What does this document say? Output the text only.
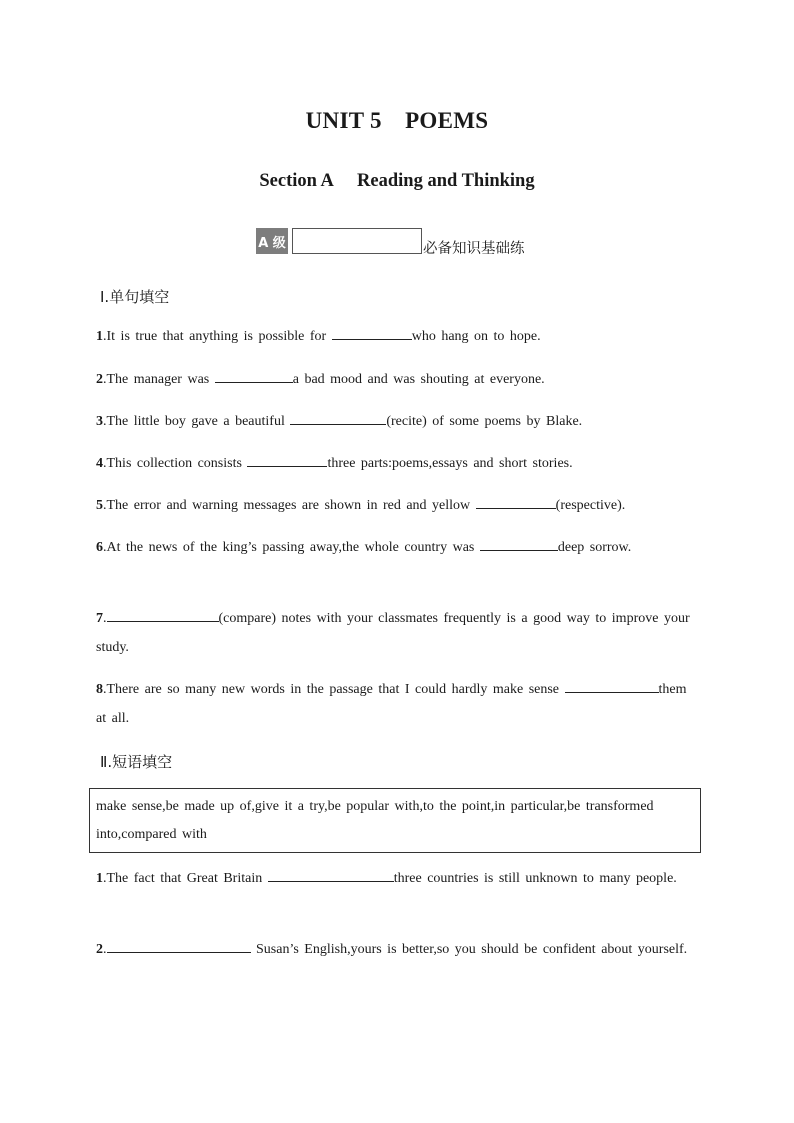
UNIT 5 POEMS
Section A  Reading and Thinking
A 级	必备知识基础练
Ⅰ.单句填空
1.It is true that anything is possible for	who hang on to hope.
2.The manager was	a bad mood and was shouting at everyone.
3.The little boy gave a beautiful	(recite) of some poems by Blake.
4.This collection consists	three parts:poems,essays and short stories.
5.The error and warning messages are shown in red and yellow	(respective).
6.At the news of the king’s passing away,the whole country was	deep sorrow.
7.	(compare) notes with your classmates frequently is a good way to improve your study.
8.There are so many new words in the passage that I could hardly make sense	them at all.
Ⅱ.短语填空
make sense,be made up of,give it a try,be popular with,to the point,in particular,be transformed into,compared with
1.The fact that Great Britain	three countries is still unknown to many people.
2.	Susan’s English,yours is better,so you should be confident about yourself.
